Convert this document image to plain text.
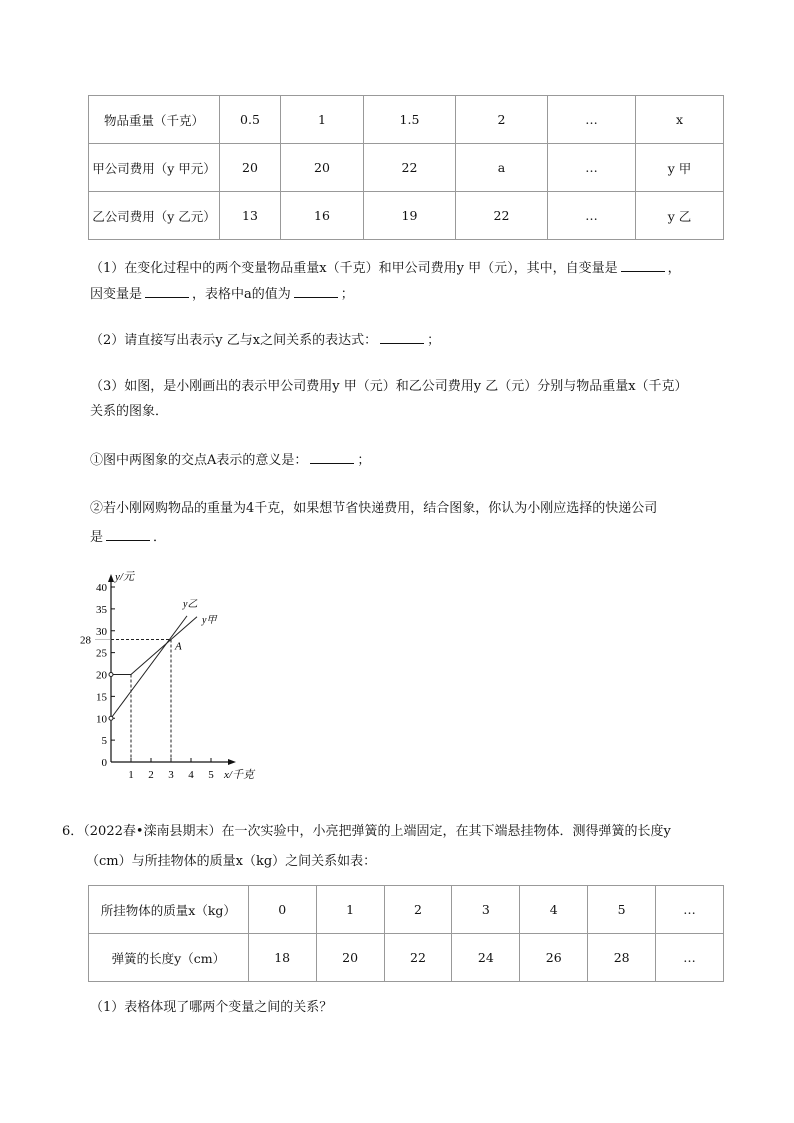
物品重量（千克）	0.5	1	1.5	2	…	x
甲公司费用（y 甲元）	20	20	22	a	…	y 甲
乙公司费用（y 乙元）	13	16	19	22	…	y 乙
（1）在变化过程中的两个变量物品重量x（千克）和甲公司费用y 甲（元），其中，自变量是	，
因变量是	，表格中a的值为	；
（2）请直接写出表示y 乙与x之间关系的表达式：	；
（3）如图，是小刚画出的表示甲公司费用y 甲（元）和乙公司费用y 乙（元）分别与物品重量x（千克）
关系的图象．
①图中两图象的交点A表示的意义是：	；
②若小刚网购物品的重量为4千克，如果想节省快递费用，结合图象，你认为小刚应选择的快递公司
是	．
y/元
x/千克
0
5
10
15
20
25
28
30
35
40
1 2 3 4 5
A
y乙
y甲
6．（2022春•滦南县期末）在一次实验中，小亮把弹簧的上端固定，在其下端悬挂物体．测得弹簧的长度y
（cm）与所挂物体的质量x（kg）之间关系如表：
所挂物体的质量x（kg）	0	1	2	3	4	5	…
弹簧的长度y（cm）	18	20	22	24	26	28	…
（1）表格体现了哪两个变量之间的关系？
